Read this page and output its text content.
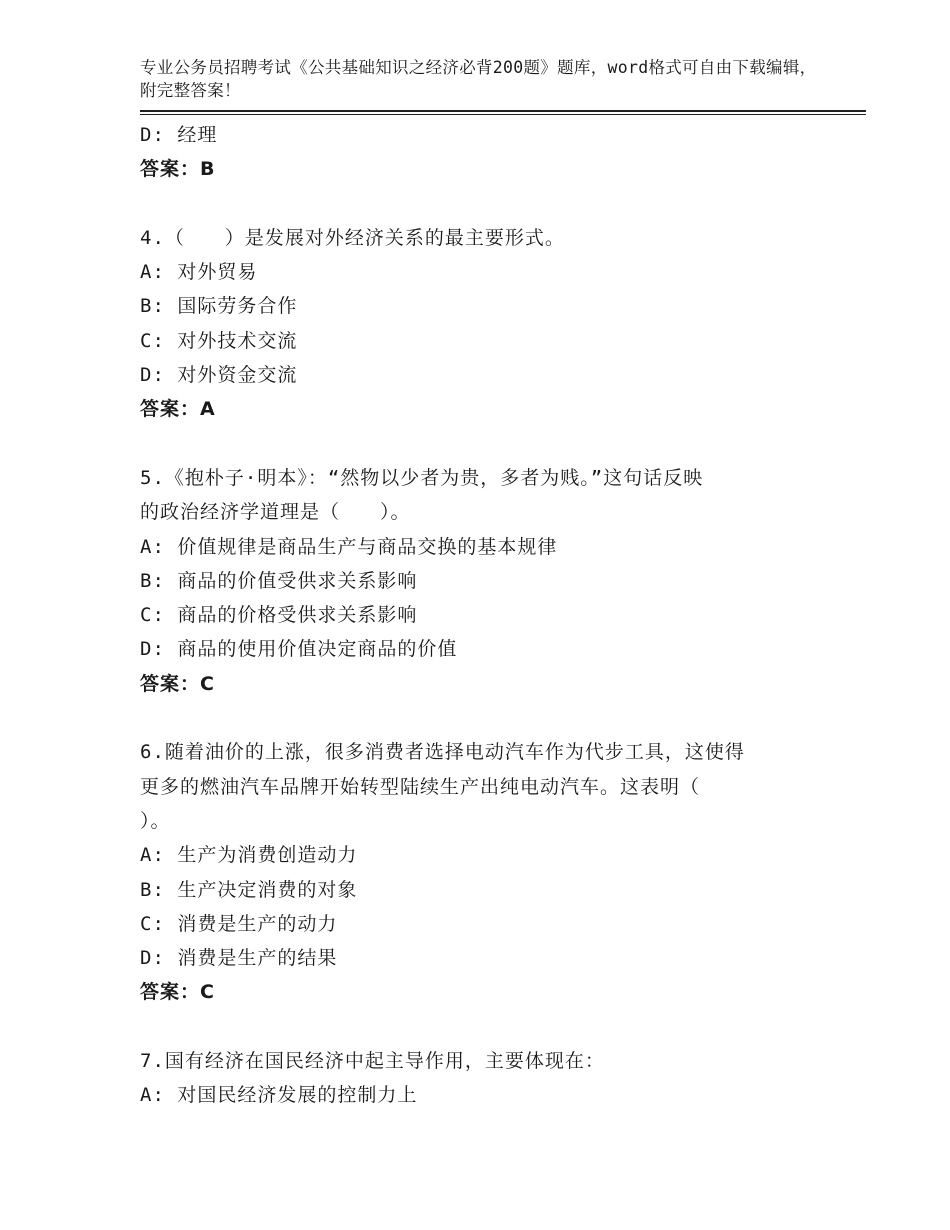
专业公务员招聘考试《公共基础知识之经济必背200题》题库，word格式可自由下载编辑，附完整答案！
D: 经理
答案：B
4.（　　）是发展对外经济关系的最主要形式。
A: 对外贸易
B: 国际劳务合作
C: 对外技术交流
D: 对外资金交流
答案：A
5.《抱朴子·明本》：“然物以少者为贵，多者为贱。”这句话反映
的政治经济学道理是（　　）。
A: 价值规律是商品生产与商品交换的基本规律
B: 商品的价值受供求关系影响
C: 商品的价格受供求关系影响
D: 商品的使用价值决定商品的价值
答案：C
6.随着油价的上涨，很多消费者选择电动汽车作为代步工具，这使得
更多的燃油汽车品牌开始转型陆续生产出纯电动汽车。这表明（
）。
A: 生产为消费创造动力
B: 生产决定消费的对象
C: 消费是生产的动力
D: 消费是生产的结果
答案：C
7.国有经济在国民经济中起主导作用，主要体现在：
A: 对国民经济发展的控制力上
